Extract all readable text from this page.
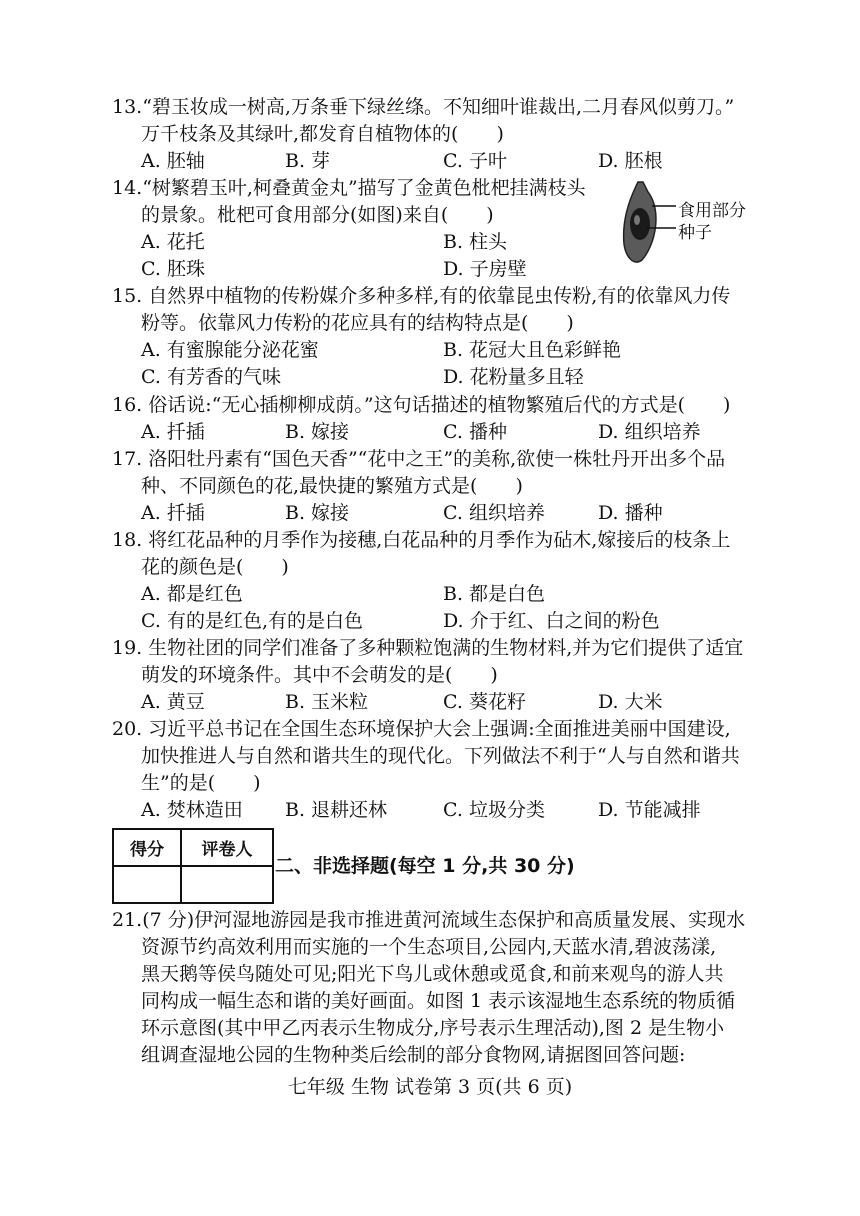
13.“碧玉妆成一树高,万条垂下绿丝绦。不知细叶谁裁出,二月春风似剪刀。”
万千枝条及其绿叶,都发育自植物体的(　　)
A. 胚轴	B. 芽	C. 子叶	D. 胚根
14.“树繁碧玉叶,柯叠黄金丸”描写了金黄色枇杷挂满枝头
的景象。枇杷可食用部分(如图)来自(　　)
A. 花托	B. 柱头
C. 胚珠	D. 子房壁
食用部分
种子
15. 自然界中植物的传粉媒介多种多样,有的依靠昆虫传粉,有的依靠风力传
粉等。依靠风力传粉的花应具有的结构特点是(　　)
A. 有蜜腺能分泌花蜜	B. 花冠大且色彩鲜艳
C. 有芳香的气味	D. 花粉量多且轻
16. 俗话说:“无心插柳柳成荫。”这句话描述的植物繁殖后代的方式是(　　)
A. 扦插	B. 嫁接	C. 播种	D. 组织培养
17. 洛阳牡丹素有“国色天香”“花中之王”的美称,欲使一株牡丹开出多个品
种、不同颜色的花,最快捷的繁殖方式是(　　)
A. 扦插	B. 嫁接	C. 组织培养	D. 播种
18. 将红花品种的月季作为接穗,白花品种的月季作为砧木,嫁接后的枝条上
花的颜色是(　　)
A. 都是红色	B. 都是白色
C. 有的是红色,有的是白色	D. 介于红、白之间的粉色
19. 生物社团的同学们准备了多种颗粒饱满的生物材料,并为它们提供了适宜
萌发的环境条件。其中不会萌发的是(　　)
A. 黄豆	B. 玉米粒	C. 葵花籽	D. 大米
20. 习近平总书记在全国生态环境保护大会上强调:全面推进美丽中国建设,
加快推进人与自然和谐共生的现代化。下列做法不利于“人与自然和谐共
生”的是(　　)
A. 焚林造田 B. 退耕还林	C. 垃圾分类	D. 节能减排
得分	评卷人

二、非选择题(每空 1 分,共 30 分)
21.(7 分)伊河湿地游园是我市推进黄河流域生态保护和高质量发展、实现水
资源节约高效利用而实施的一个生态项目,公园内,天蓝水清,碧波荡漾,
黑天鹅等侯鸟随处可见;阳光下鸟儿或休憩或觅食,和前来观鸟的游人共
同构成一幅生态和谐的美好画面。如图 1 表示该湿地生态系统的物质循
环示意图(其中甲乙丙表示生物成分,序号表示生理活动),图 2 是生物小
组调查湿地公园的生物种类后绘制的部分食物网,请据图回答问题:
七年级 生物 试卷第 3 页(共 6 页)
